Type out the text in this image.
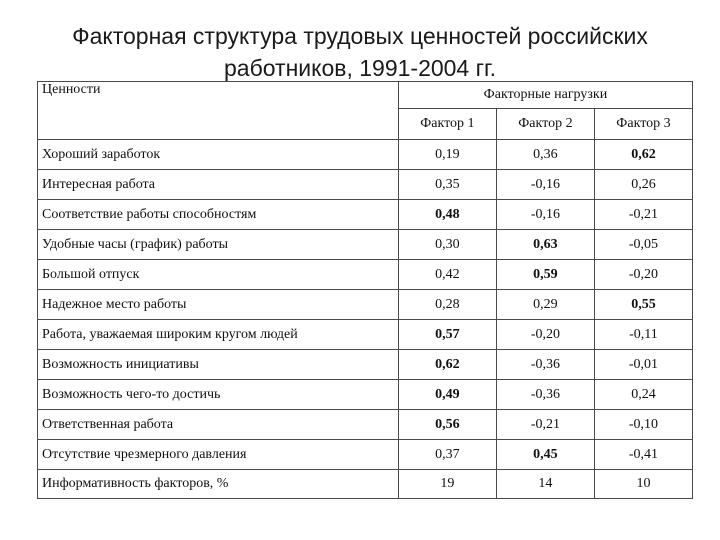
Факторная структура трудовых ценностей российских
работников, 1991-2004 гг.
Ценности	Факторные нагрузки		
	Фактор 1	Фактор 2	Фактор 3
Хороший заработок	0,19	0,36	0,62
Интересная работа	0,35	-0,16	0,26
Соответствие работы способностям	0,48	-0,16	-0,21
Удобные часы (график) работы	0,30	0,63	-0,05
Большой отпуск	0,42	0,59	-0,20
Надежное место работы	0,28	0,29	0,55
Работа, уважаемая широким кругом людей	0,57	-0,20	-0,11
Возможность инициативы	0,62	-0,36	-0,01
Возможность чего-то достичь	0,49	-0,36	0,24
Ответственная работа	0,56	-0,21	-0,10
Отсутствие чрезмерного давления	0,37	0,45	-0,41
Информативность факторов, %	19	14	10
